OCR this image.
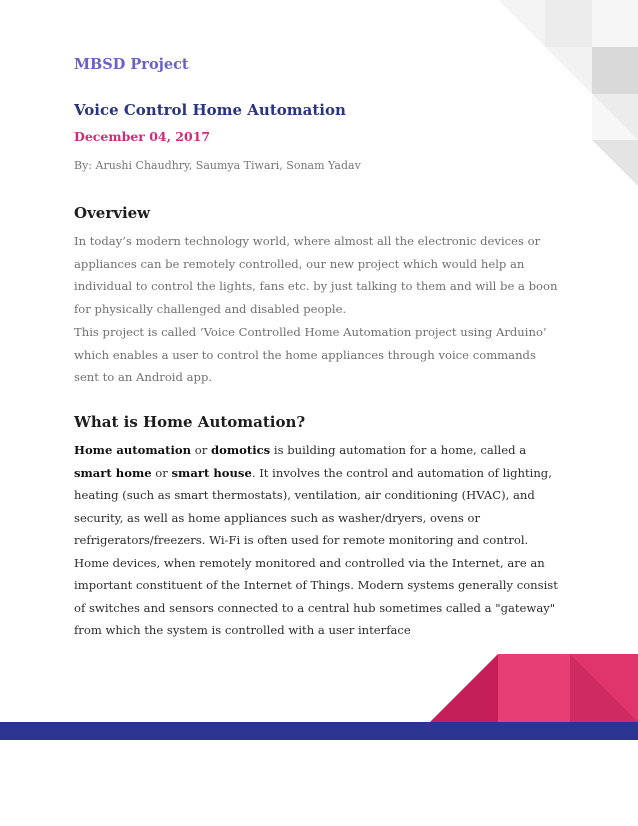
MBSD Project
Voice Control Home Automation
December 04, 2017
By: Arushi Chaudhry, Saumya Tiwari, Sonam Yadav
Overview

In today’s modern technology world, where almost all the electronic devices or appliances can be remotely controlled, our new project which would help an individual to control the lights, fans etc. by just talking to them and will be a boon for physically challenged and disabled people.

This project is called ‘Voice Controlled Home Automation project using Arduino’ which enables a user to control the home appliances through voice commands sent to an Android app.

What is Home Automation?

Home automation or domotics is building automation for a home, called a smart home or smart house. It involves the control and automation of lighting, heating (such as smart thermostats), ventilation, air conditioning (HVAC), and security, as well as home appliances such as washer/dryers, ovens or refrigerators/freezers. Wi-Fi is often used for remote monitoring and control. Home devices, when remotely monitored and controlled via the Internet, are an important constituent of the Internet of Things. Modern systems generally consist of switches and sensors connected to a central hub sometimes called a "gateway" from which the system is controlled with a user interface
